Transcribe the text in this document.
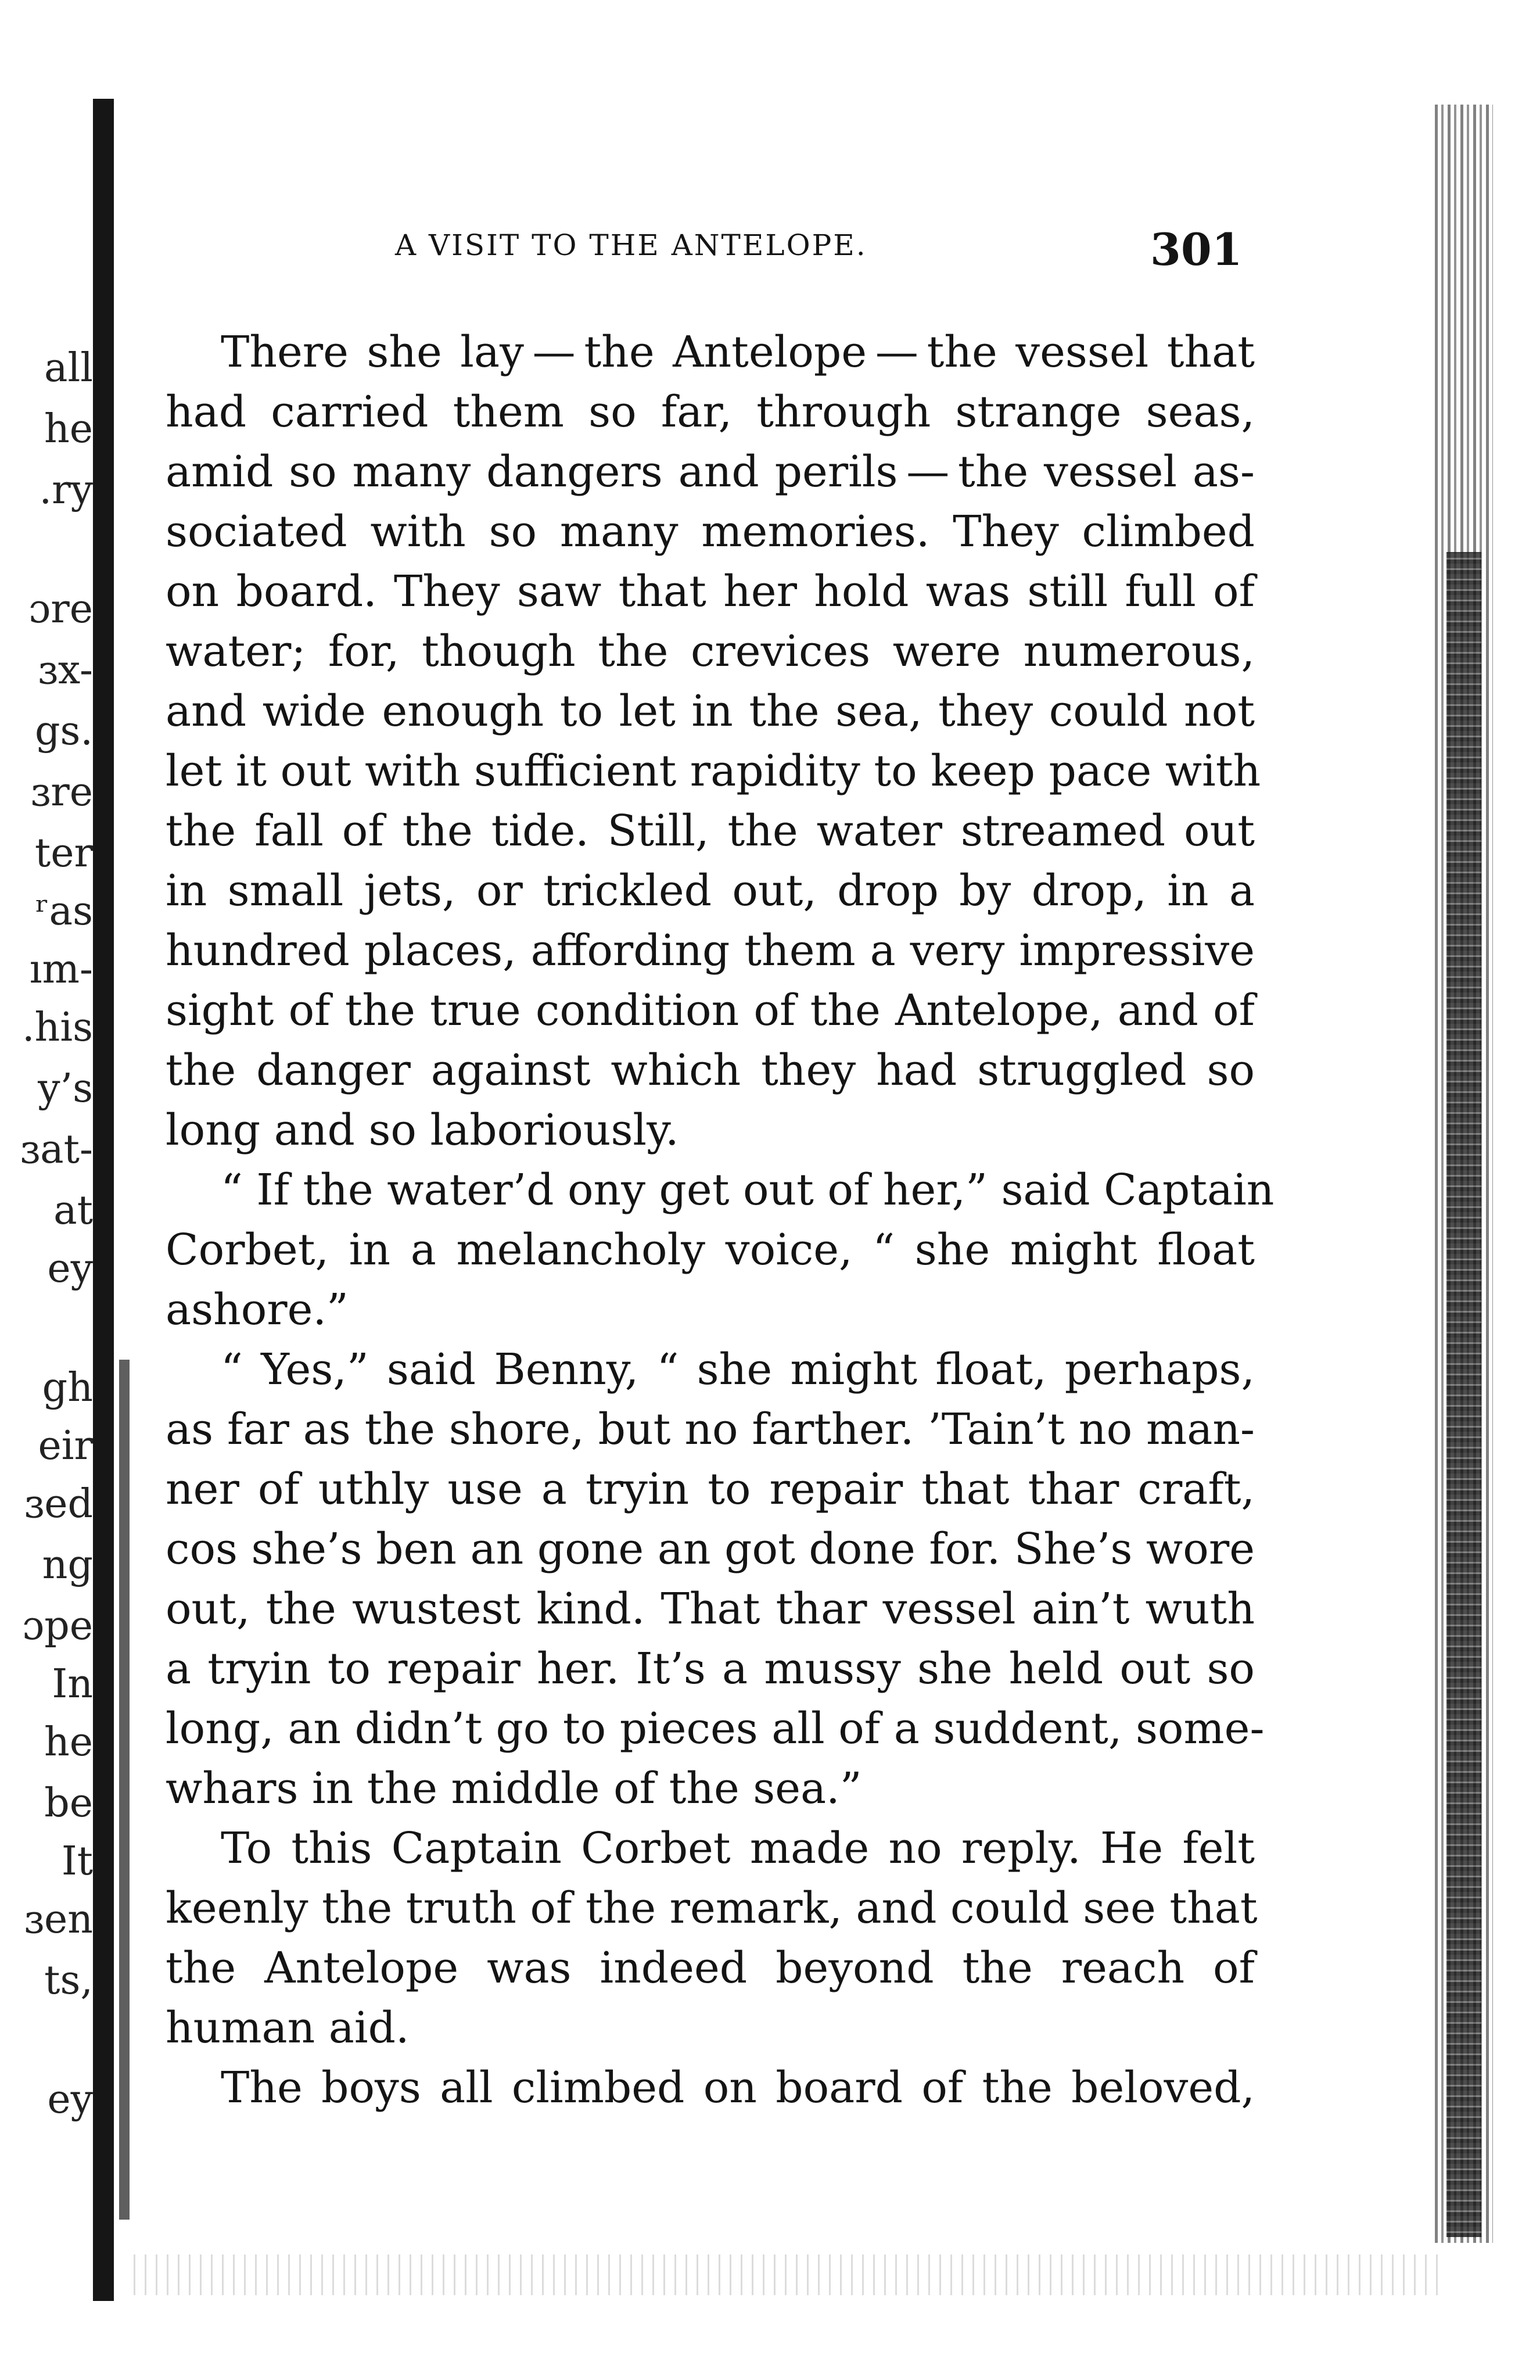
all
he
.ry
ɔre
ɜx-
gs.
ɜre
ter
ʳas
ım-
.his
y’s
ɜat-
at
ey
gh
eir
ɜed
ng
ɔpe
In
he
be
It
ɜen
ts,
ey
A VISIT TO THE ANTELOPE.	301
There she lay — the Antelope — the vessel that
had carried them so far, through strange seas,
amid so many dangers and perils — the vessel as-
sociated with so many memories. They climbed
on board. They saw that her hold was still full of
water; for, though the crevices were numerous,
and wide enough to let in the sea, they could not
let it out with sufficient rapidity to keep pace with
the fall of the tide. Still, the water streamed out
in small jets, or trickled out, drop by drop, in a
hundred places, affording them a very impressive
sight of the true condition of the Antelope, and of
the danger against which they had struggled so
long and so laboriously.
“ If the water’d ony get out of her,” said Captain
Corbet, in a melancholy voice, “ she might float
ashore.”
“ Yes,” said Benny, “ she might float, perhaps,
as far as the shore, but no farther. ’Tain’t no man-
ner of uthly use a tryin to repair that thar craft,
cos she’s ben an gone an got done for. She’s wore
out, the wustest kind. That thar vessel ain’t wuth
a tryin to repair her. It’s a mussy she held out so
long, an didn’t go to pieces all of a suddent, some-
whars in the middle of the sea.”
To this Captain Corbet made no reply. He felt
keenly the truth of the remark, and could see that
the Antelope was indeed beyond the reach of
human aid.
The boys all climbed on board of the beloved,
